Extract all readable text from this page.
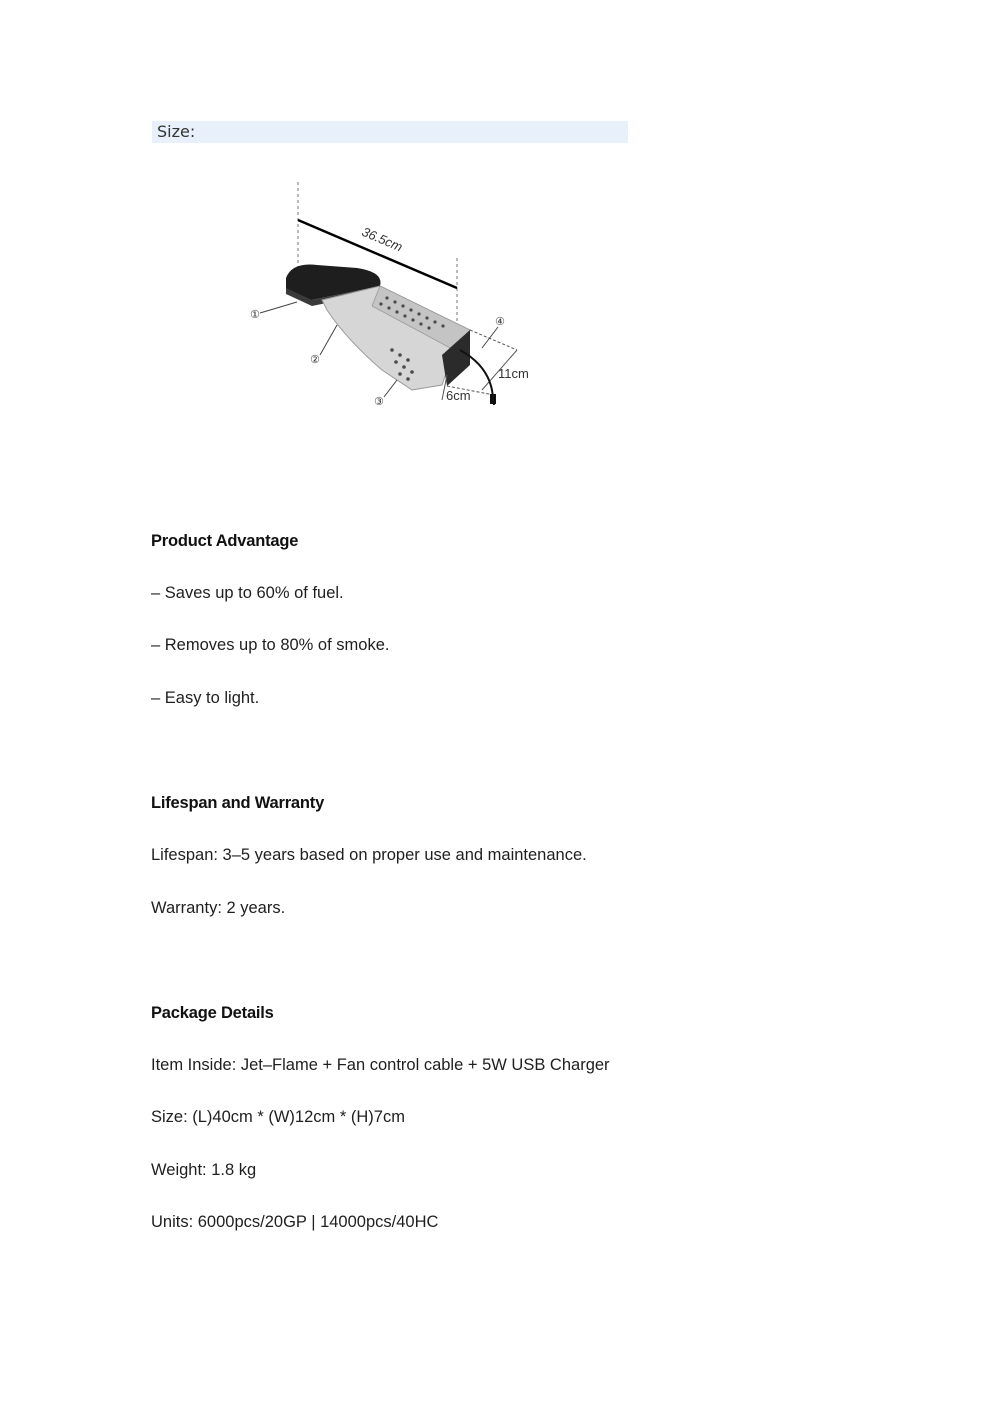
Size:
36.5cm
11cm
6cm
①
②
③
④
Product Advantage
– Saves up to 60% of fuel.
– Removes up to 80% of smoke.
– Easy to light.
Lifespan and Warranty
Lifespan: 3–5 years based on proper use and maintenance.
Warranty: 2 years.
Package Details
Item Inside: Jet–Flame + Fan control cable + 5W USB Charger
Size: (L)40cm * (W)12cm * (H)7cm
Weight: 1.8 kg
Units: 6000pcs/20GP | 14000pcs/40HC
